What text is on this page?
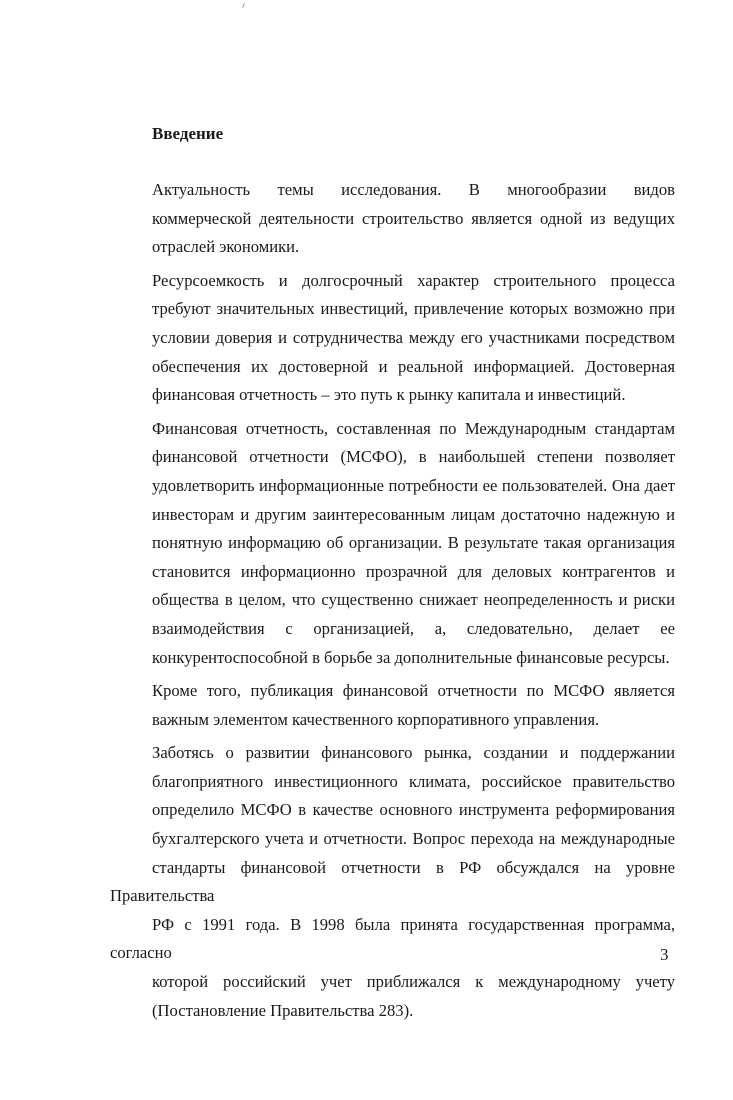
Введение

Актуальность темы исследования. В многообразии видов
коммерческой деятельности строительство является одной из ведущих
отраслей экономики.

Ресурсоемкость и долгосрочный характер строительного процесса
требуют значительных инвестиций, привлечение которых возможно при
условии доверия и сотрудничества между его участниками посредством
обеспечения их достоверной и реальной информацией. Достоверная
финансовая отчетность – это путь к рынку капитала и инвестиций.

Финансовая отчетность, составленная по Международным стандартам
финансовой отчетности (МСФО), в наибольшей степени позволяет
удовлетворить информационные потребности ее пользователей. Она дает
инвесторам и другим заинтересованным лицам достаточно надежную и
понятную информацию об организации. В результате такая организация
становится информационно прозрачной для деловых контрагентов и
общества в целом, что существенно снижает неопределенность и риски
взаимодействия с организацией, а, следовательно, делает ее
конкурентоспособной в борьбе за дополнительные финансовые ресурсы.

Кроме того, публикация финансовой отчетности по МСФО является
важным элементом качественного корпоративного управления.

Заботясь о развитии финансового рынка, создании и поддержании
благоприятного инвестиционного климата, российское правительство
определило МСФО в качестве основного инструмента реформирования
бухгалтерского учета и отчетности. Вопрос перехода на международные
стандарты финансовой отчетности в РФ обсуждался на уровне Правительства
РФ с 1991 года. В 1998 была принята государственная программа, согласно
которой российский учет приближался к международному учету
(Постановление Правительства 283).

3
